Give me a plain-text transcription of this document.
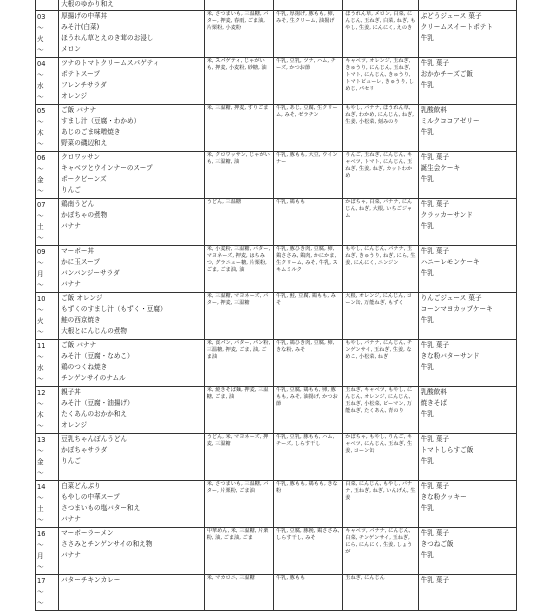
	大根のゆかり和え				

03
～
火
～	厚揚げの中華丼
みそ汁(白菜)
ほうれん草とえのき茸のお浸し
メロン	米, さつまいも, 三温糖, バター, 押麦, 春雨, ごま油, 片栗粉, 小麦粉	牛乳, 厚揚げ, 豚もも, 卵, みそ, 生クリーム, 油揚げ	ほうれん草, メロン, 白菜, にんじん, 玉ねぎ, 白菜, ねぎ, もやし, 生姜, にんにく, えのき	ぶどうジュース 菓子
クリームスイートポテト
牛乳

04
～
水
～	ツナのトマトクリームスパゲティ
ポテトスープ
フレンチサラダ
オレンジ	米, スパゲティ, じゃがいも, 押麦, 小麦粉, 砂糖, 油	牛乳, 豆乳, ツナ, ハム, チーズ, かつお節	キャベツ, オレンジ, 玉ねぎ, きゅうり, にんじん, 玉ねぎ, トマト, にんじん, きゅうり, トマトピューレ, きゅうり, しめじ, パセリ	牛乳 菓子
おかかチーズご飯
牛乳

05
～
木
～	ご飯 バナナ
すまし汁（豆腐・わかめ）
あじのごま味噌焼き
野菜の磯辺和え	米, 三温糖, 押麦, すりごま	牛乳, あじ, 豆腐, 生クリーム, みそ, ゼラチン	もやし, バナナ, ほうれん草, ねぎ, わかめ, にんじん, ねぎ, 生姜, 小松菜, 刻みのり	乳酸飲料
ミルクココアゼリー
牛乳

06
～
金
～	クロワッサン
キャベツとウインナーのスープ
ポークビーンズ
りんご	米, クロワッサン, じゃがいも, 三温糖, 油	牛乳, 豚もも, 大豆, ウインナー	りんご, 玉ねぎ, にんじん, キャベツ, トマト, にんじん, 玉ねぎ, 生姜, ねぎ, カットわかめ	牛乳 菓子
誕生会ケーキ
牛乳

07
～
土
～	鶏南うどん
かぼちゃの煮物
バナナ	うどん, 三温糖	牛乳, 鶏もも	かぼちゃ, 白菜, バナナ, にんじん, ねぎ, 大根, いちごジャム	牛乳 菓子
クラッカーサンド
牛乳

09
～
月
～	マーボー丼
かに玉スープ
バンバンジーサラダ
バナナ	米, 小麦粉, 三温糖, バター, マヨネーズ, 押麦, はちみつ, グラニュー糖, 片栗粉, ごま, ごま油, 油	牛乳, 豚ひき肉, 豆腐, 卵, 鶏ささみ, 鶏肉, かにかま, 生クリーム, みそ, 牛乳, スキムミルク	もやし, にんじん, バナナ, 玉ねぎ, きゅうり, ねぎ, にら, 生姜, にんにく, ニンジン	牛乳 菓子
ハニーレモンケーキ
牛乳

10
～
火
～	ご飯 オレンジ
もずくのすまし汁（もずく・豆腐）
鮭の西京焼き
大根とにんじんの煮物	米, 三温糖, マヨネーズ, バター, 押麦, 三温糖	牛乳, 鮭, 豆腐, 鶏もも, みそ	大根, オレンジ, にんじん, コーン缶, 万能ねぎ, もずく	りんごジュース 菓子
コーンマヨカップケーキ
牛乳

11
～
水
～	ご飯 バナナ
みそ汁（豆腐・なめこ）
鶏のつくね焼き
チンゲンサイのナムル	米, 食パン, バター, パン粉, 三温糖, 押麦, ごま, 油, ごま油	牛乳, 鶏ひき肉, 豆腐, 卵, きな粉, みそ	もやし, バナナ, にんじん, チンゲンサイ, 玉ねぎ, 生姜, なめこ, 小松菜, ねぎ	牛乳 菓子
きな粉バターサンド
牛乳

12
～
木
～	親子丼
みそ汁（豆腐・油揚げ）
たくあんのおかか和え
オレンジ	米, 焼きそば麺, 押麦, 三温糖, ごま, 油	牛乳, 豆腐, 鶏もも, 卵, 豚もも, みそ, 油揚げ, かつお節	玉ねぎ, キャベツ, もやし, にんじん, オレンジ, にんじん, 玉ねぎ, 小松菜, ピーマン, 万能ねぎ, たくあん, 青のり	乳酸飲料
焼きそば
牛乳

13
～
金
～	豆乳ちゃんぽんうどん
かぼちゃサラダ
りんご	うどん, 米, マヨネーズ, 押麦, 三温糖	牛乳, 豆乳, 豚もも, ハム, チーズ, しらす干し	かぼちゃ, もやし, りんご, キャベツ, にんじん, 玉ねぎ, 生姜, コーン缶	牛乳 菓子
トマトしらすご飯
牛乳

14
～
土
～	白菜どんぶり
もやしの中華スープ
さつまいもの塩バター和え
バナナ	米, さつまいも, 三温糖, バター, 片栗粉, ごま油	牛乳, 豚もも, 鶏もも, きな粉	白菜, にんじん, もやし, バナナ, 玉ねぎ, ねぎ, いんげん, 生姜	牛乳 菓子
きな粉クッキー
牛乳

16
～
月
～	マーボーラーメン
ささみとチンゲンサイの和え物
バナナ	中華めん, 米, 三温糖, 片栗粉, 油, ごま油, ごま	牛乳, 豆腐, 豚挽, 鶏ささみ, しらす干し, みそ	キャベツ, バナナ, にんじん, 白菜, チンゲンサイ, 玉ねぎ, にら, にんにく, 生姜, しょうが	牛乳 菓子
きつねご飯
牛乳

17
～
～	バターチキンカレー	米, マカロニ, 三温糖	牛乳, 豚もも	玉ねぎ, にんじん	牛乳 菓子
